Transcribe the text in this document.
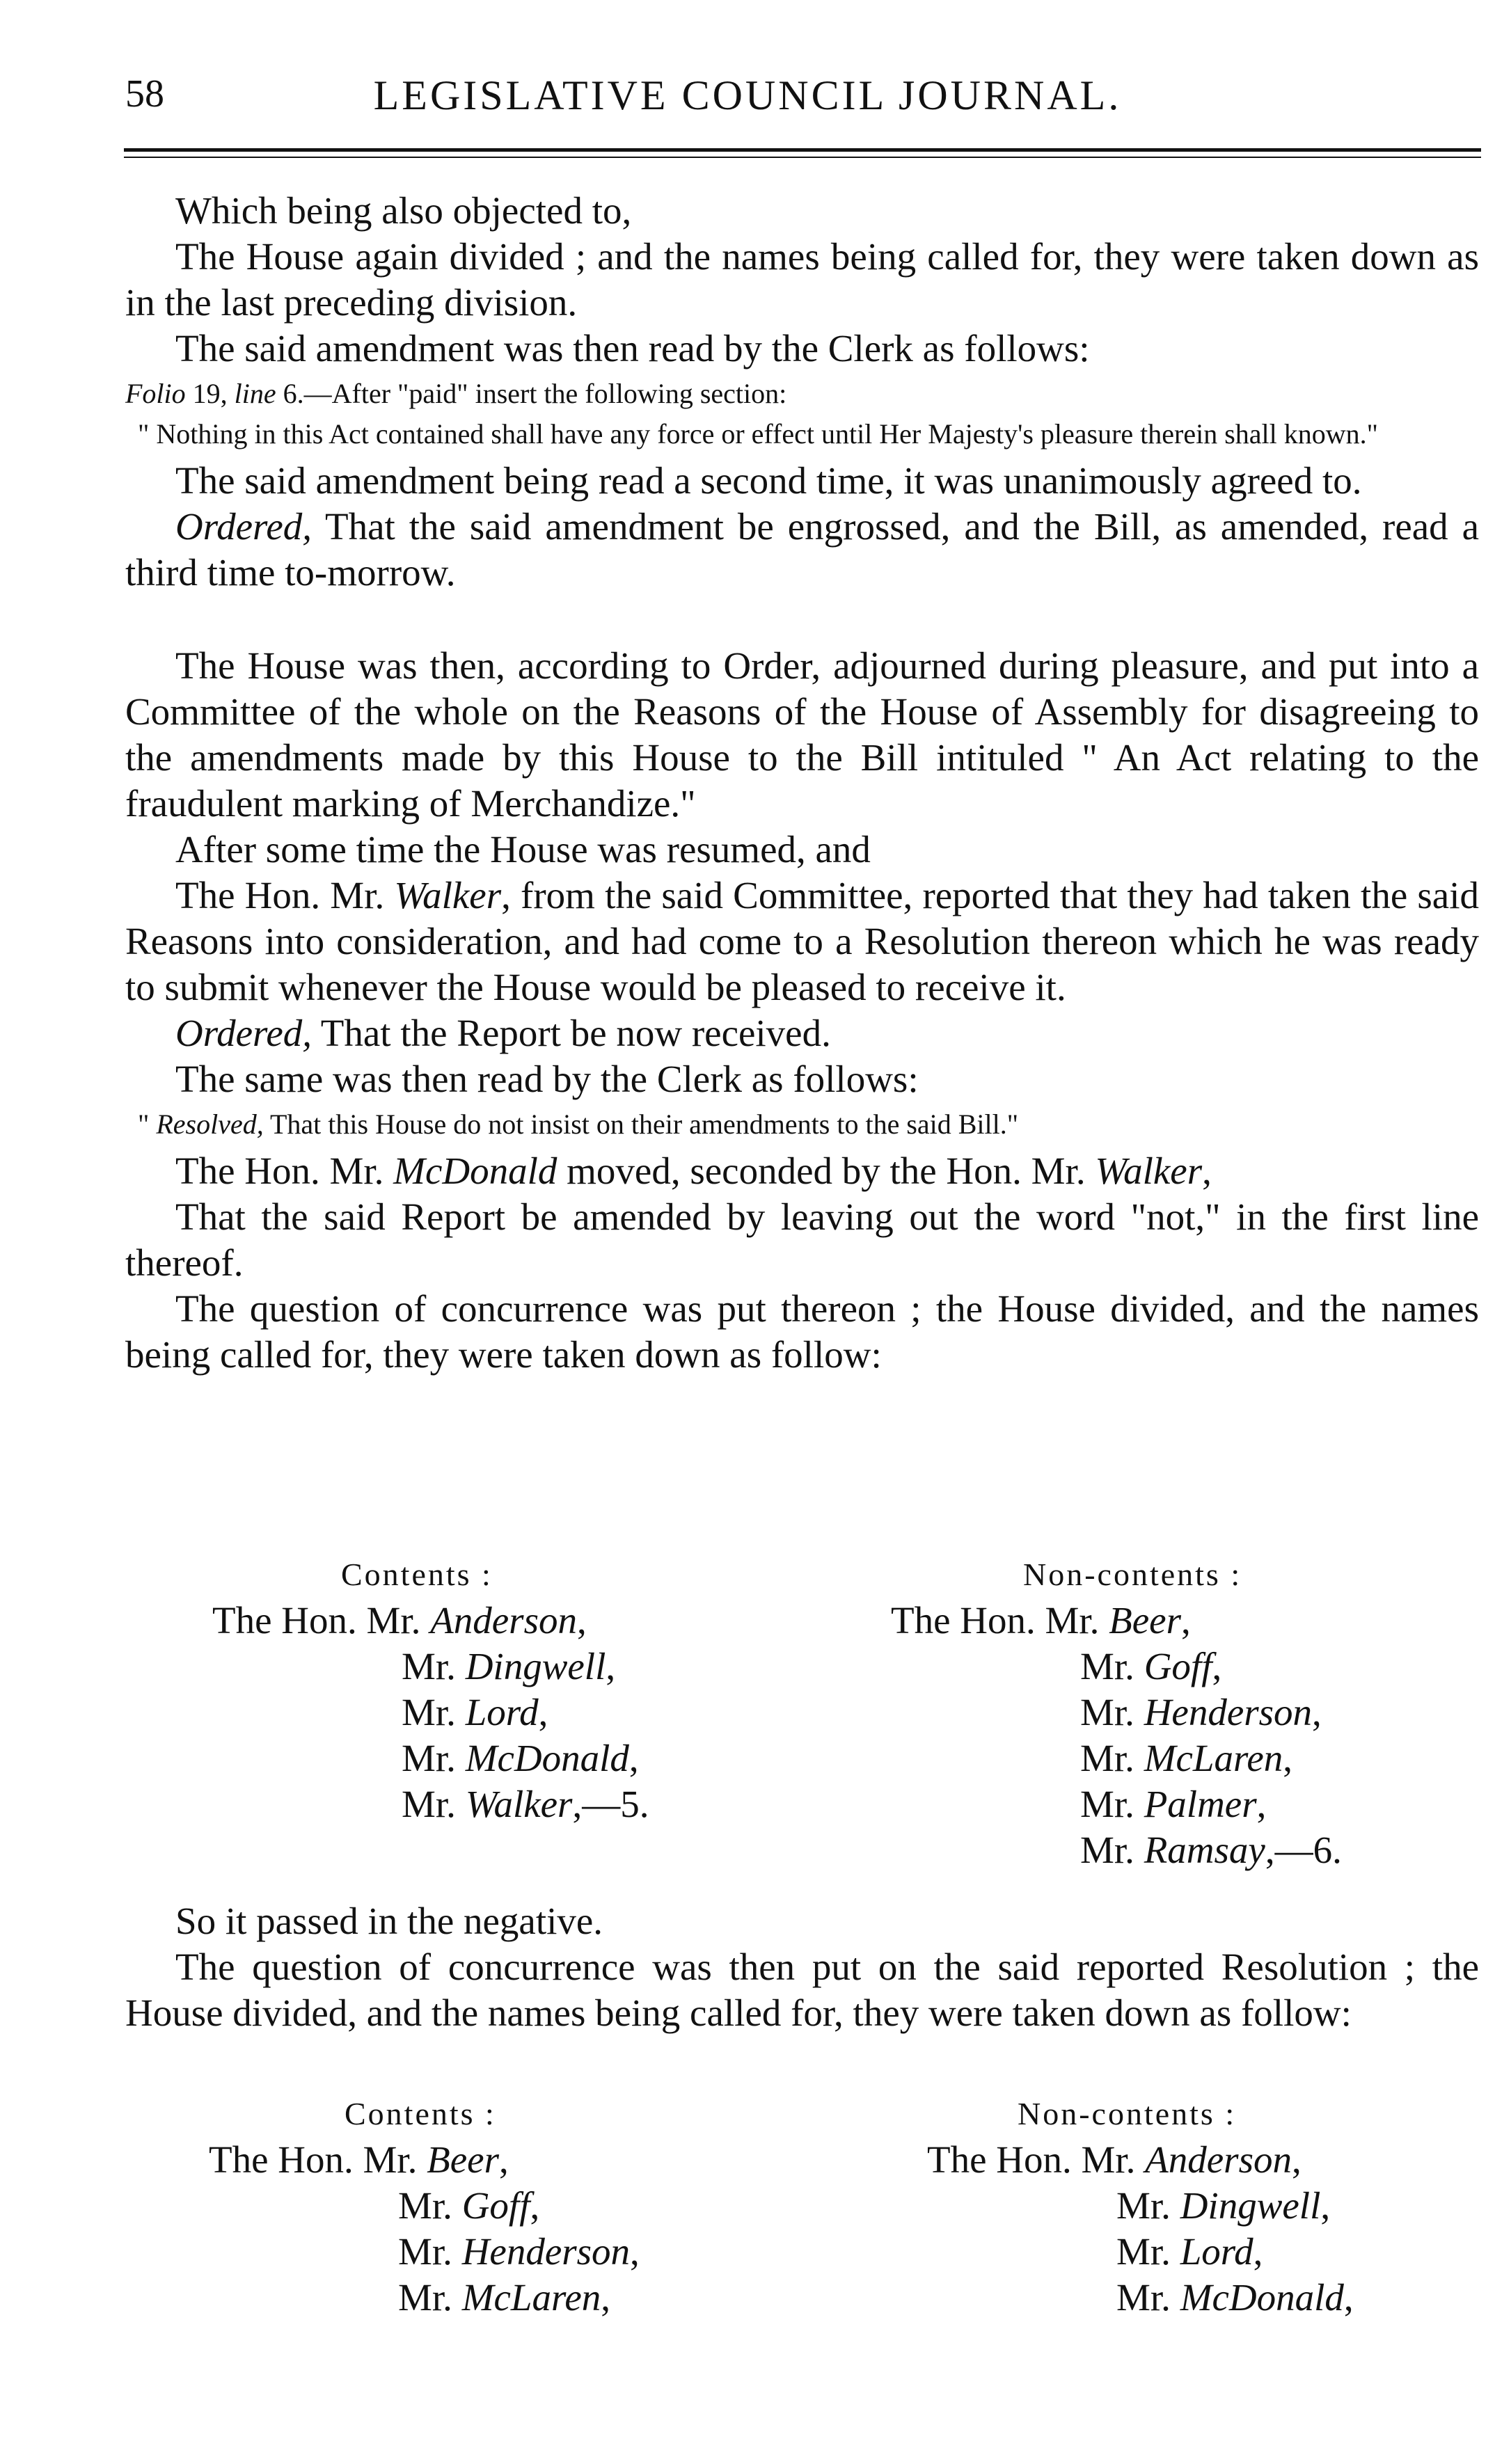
58	LEGISLATIVE COUNCIL JOURNAL.

Which being also objected to,

The House again divided ; and the names being called for, they were taken down as in the last preceding division.

The said amendment was then read by the Clerk as follows:

Folio 19, line 6.—After "paid" insert the following section:

" Nothing in this Act contained shall have any force or effect until Her Majesty's pleasure therein shall known."

The said amendment being read a second time, it was unanimously agreed to.

Ordered, That the said amendment be engrossed, and the Bill, as amended, read a third time to-morrow.

The House was then, according to Order, adjourned during pleasure, and put into a Committee of the whole on the Reasons of the House of Assembly for disagreeing to the amendments made by this House to the Bill intituled " An Act relating to the fraudulent marking of Merchandize."

After some time the House was resumed, and

The Hon. Mr. Walker, from the said Committee, reported that they had taken the said Reasons into consideration, and had come to a Resolution thereon which he was ready to submit whenever the House would be pleased to receive it.

Ordered, That the Report be now received.

The same was then read by the Clerk as follows:

" Resolved, That this House do not insist on their amendments to the said Bill."

The Hon. Mr. McDonald moved, seconded by the Hon. Mr. Walker,

That the said Report be amended by leaving out the word "not," in the first line thereof.

The question of concurrence was put thereon ; the House divided, and the names being called for, they were taken down as follow:

Contents :
The Hon. Mr. Anderson,
Mr. Dingwell,
Mr. Lord,
Mr. McDonald,
Mr. Walker,—5.
Non-contents :
The Hon. Mr. Beer,
Mr. Goff,
Mr. Henderson,
Mr. McLaren,
Mr. Palmer,
Mr. Ramsay,—6.

So it passed in the negative.

The question of concurrence was then put on the said reported Resolution ; the House divided, and the names being called for, they were taken down as follow:

Contents :
The Hon. Mr. Beer,
Mr. Goff,
Mr. Henderson,
Mr. McLaren,
Non-contents :
The Hon. Mr. Anderson,
Mr. Dingwell,
Mr. Lord,
Mr. McDonald,
